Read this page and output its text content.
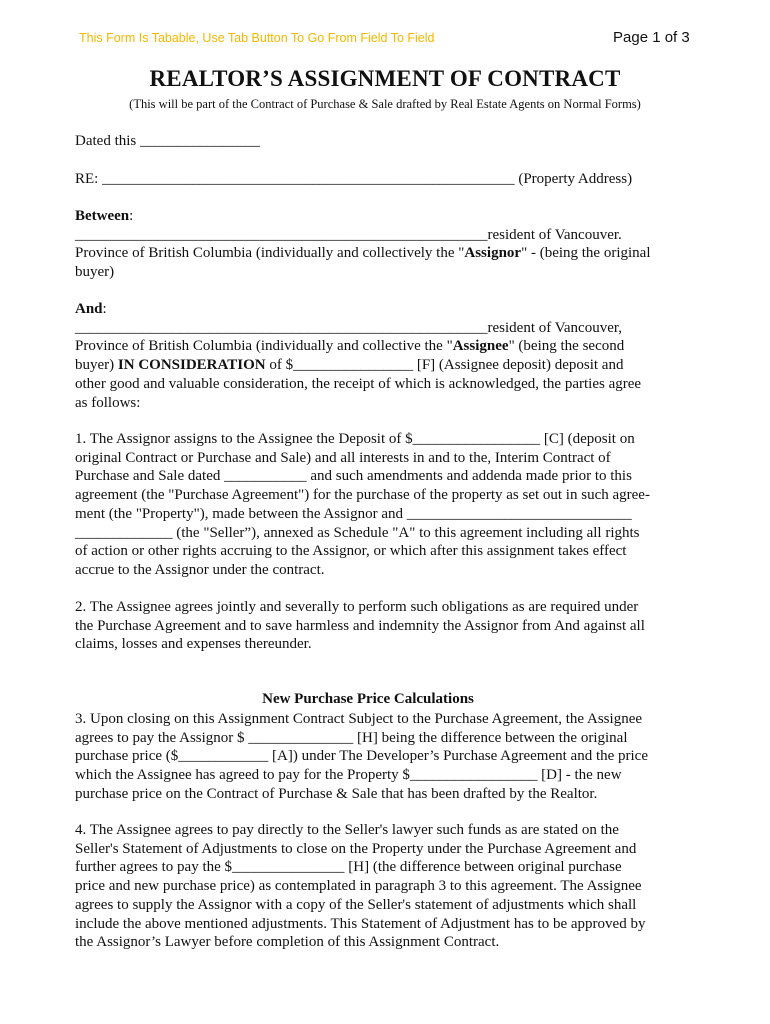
This Form Is Tabable, Use Tab Button To Go From Field To Field	Page 1 of 3
REALTOR’S ASSIGNMENT OF CONTRACT
(This will be part of the Contract of Purchase & Sale drafted by Real Estate Agents on Normal Forms)
Dated this ________________
RE: _______________________________________________________ (Property Address)
Between:
_______________________________________________________resident of Vancouver.
Province of British Columbia (individually and collectively the "Assignor" - (being the original
buyer)
And:
_______________________________________________________resident of Vancouver,
Province of British Columbia (individually and collective the "Assignee" (being the second
buyer) IN CONSIDERATION of $________________ [F] (Assignee deposit) deposit and
other good and valuable consideration, the receipt of which is acknowledged, the parties agree
as follows:
1. The Assignor assigns to the Assignee the Deposit of $_________________ [C] (deposit on
original Contract or Purchase and Sale) and all interests in and to the, Interim Contract of
Purchase and Sale dated ___________ and such amendments and addenda made prior to this
agreement (the "Purchase Agreement") for the purchase of the property as set out in such agree-
ment (the "Property"), made between the Assignor and ______________________________
_____________ (the "Seller”), annexed as Schedule "A" to this agreement including all rights
of action or other rights accruing to the Assignor, or which after this assignment takes effect
accrue to the Assignor under the contract.
2. The Assignee agrees jointly and severally to perform such obligations as are required under
the Purchase Agreement and to save harmless and indemnity the Assignor from And against all
claims, losses and expenses thereunder.
New Purchase Price Calculations
3. Upon closing on this Assignment Contract Subject to the Purchase Agreement, the Assignee
agrees to pay the Assignor $ ______________ [H] being the difference between the original
purchase price ($____________ [A]) under The Developer’s Purchase Agreement and the price
which the Assignee has agreed to pay for the Property $_________________ [D] - the new
purchase price on the Contract of Purchase & Sale that has been drafted by the Realtor.
4. The Assignee agrees to pay directly to the Seller's lawyer such funds as are stated on the
Seller's Statement of Adjustments to close on the Property under the Purchase Agreement and
further agrees to pay the $_______________ [H] (the difference between original purchase
price and new purchase price) as contemplated in paragraph 3 to this agreement. The Assignee
agrees to supply the Assignor with a copy of the Seller's statement of adjustments which shall
include the above mentioned adjustments. This Statement of Adjustment has to be approved by
the Assignor’s Lawyer before completion of this Assignment Contract.
